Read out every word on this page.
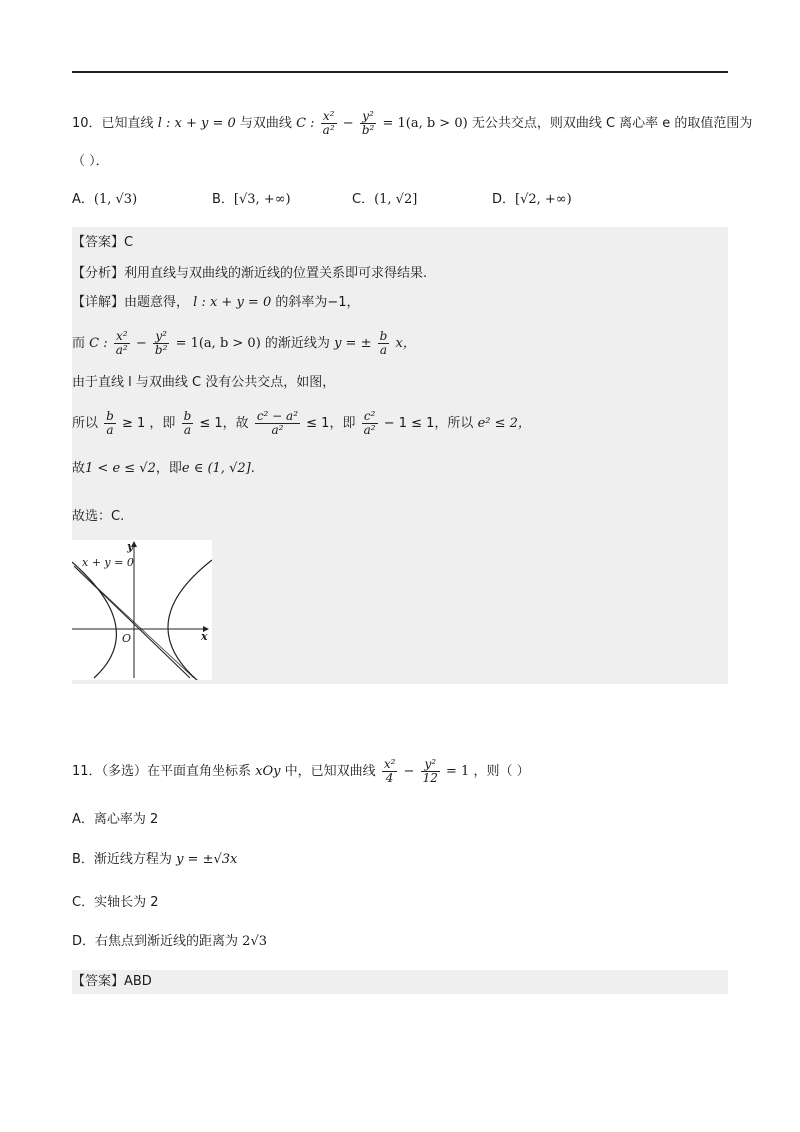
10．已知直线 l : x + y = 0 与双曲线 C : $\frac{\text{x²}}{\text{a²}} - \frac{\text{y²}}{\text{b²}} = 1(a$, b > 0) 无公共交点，则双曲线 C 离心率 e 的取值范围为
（ ）．
A．(1, √3)	B．[√3, +∞)	C．(1, √2]	D．[√2, +∞)
【答案】C
【分析】利用直线与双曲线的渐近线的位置关系即可求得结果.
【详解】由题意得， l : x + y = 0 的斜率为−1，
而 C : $\frac{\text{x²}}{\text{a²}} - \frac{\text{y²}}{\text{b²}} = 1(a$, b > 0) 的渐近线为 y = ± $\frac{b}{a}$ x，
由于直线 l 与双曲线 C 没有公共交点，如图，
所以 $\frac{b}{a} \ge 1$ ，即 $\frac{b}{a} \le 1$，故 $\frac{\text{c² − a²}}{\text{a²}} \le 1$，即 $\frac{\text{c²}}{\text{a²}} - 1 \le 1$，所以 e² ≤ 2，
故1 < e ≤ √2，即e ∈ (1, √2].
故选：C.
x + y = 0
y
x
O
11．（多选）在平面直角坐标系 xOy 中，已知双曲线 $\frac{\text{x²}}{4} - \frac{\text{y²}}{12} = 1$ ，则（ ）
A．离心率为 2
B．渐近线方程为 y = ±√3x
C．实轴长为 2
D．右焦点到渐近线的距离为 2√3
【答案】ABD
